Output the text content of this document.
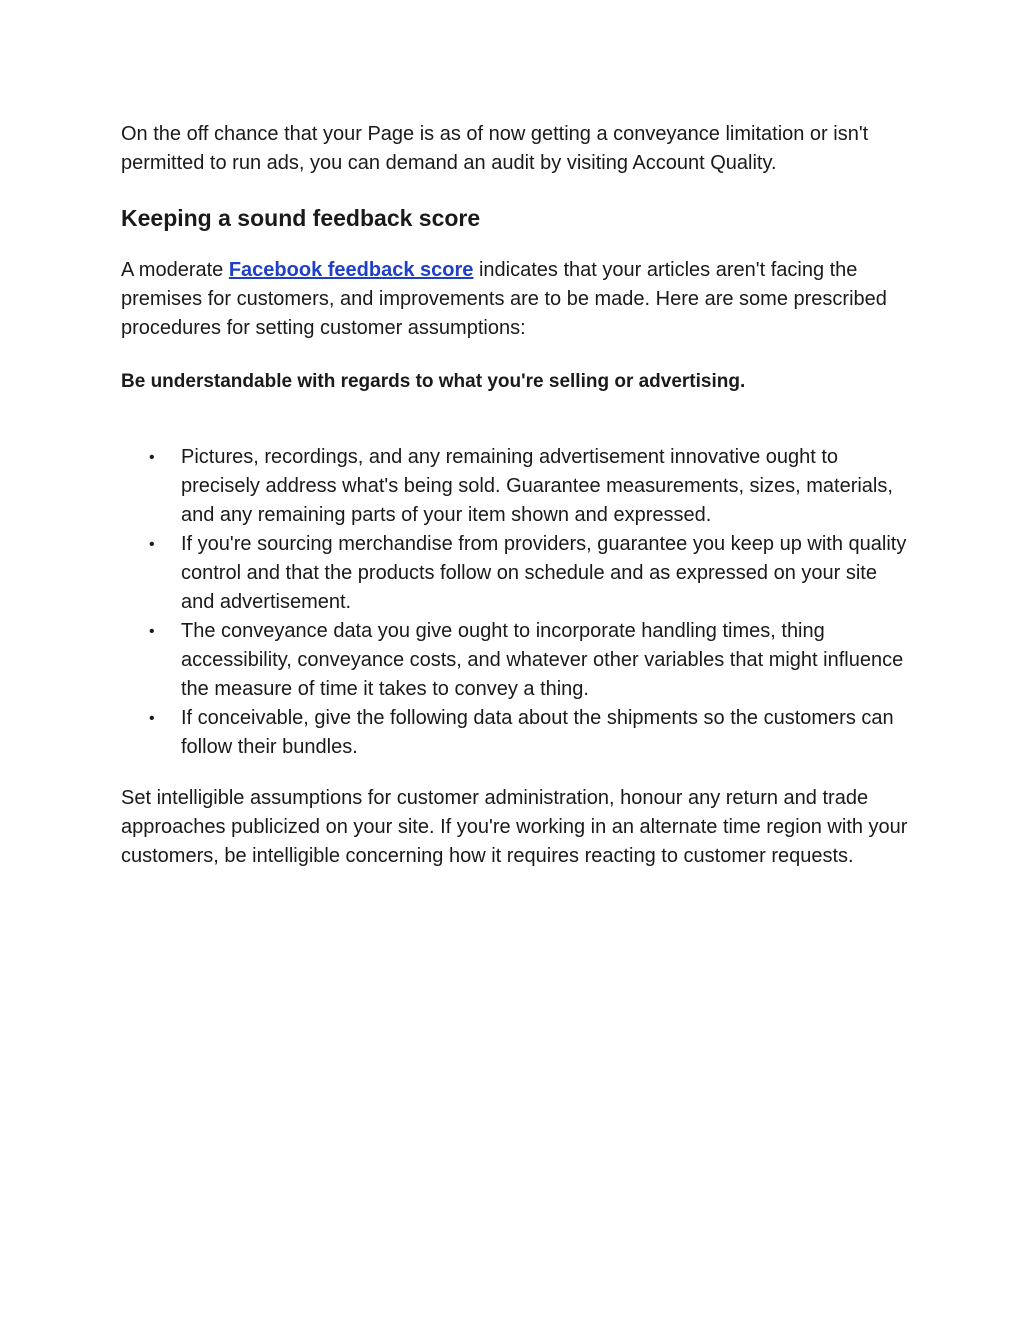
On the off chance that your Page is as of now getting a conveyance limitation or isn't permitted to run ads, you can demand an audit by visiting Account Quality.

Keeping a sound feedback score

A moderate Facebook feedback score indicates that your articles aren't facing the premises for customers, and improvements are to be made. Here are some prescribed procedures for setting customer assumptions:

Be understandable with regards to what you're selling or advertising.

• Pictures, recordings, and any remaining advertisement innovative ought to precisely address what's being sold. Guarantee measurements, sizes, materials, and any remaining parts of your item shown and expressed.
• If you're sourcing merchandise from providers, guarantee you keep up with quality control and that the products follow on schedule and as expressed on your site and advertisement.
• The conveyance data you give ought to incorporate handling times, thing accessibility, conveyance costs, and whatever other variables that might influence the measure of time it takes to convey a thing.
• If conceivable, give the following data about the shipments so the customers can follow their bundles.

Set intelligible assumptions for customer administration, honour any return and trade approaches publicized on your site. If you're working in an alternate time region with your customers, be intelligible concerning how it requires reacting to customer requests.
